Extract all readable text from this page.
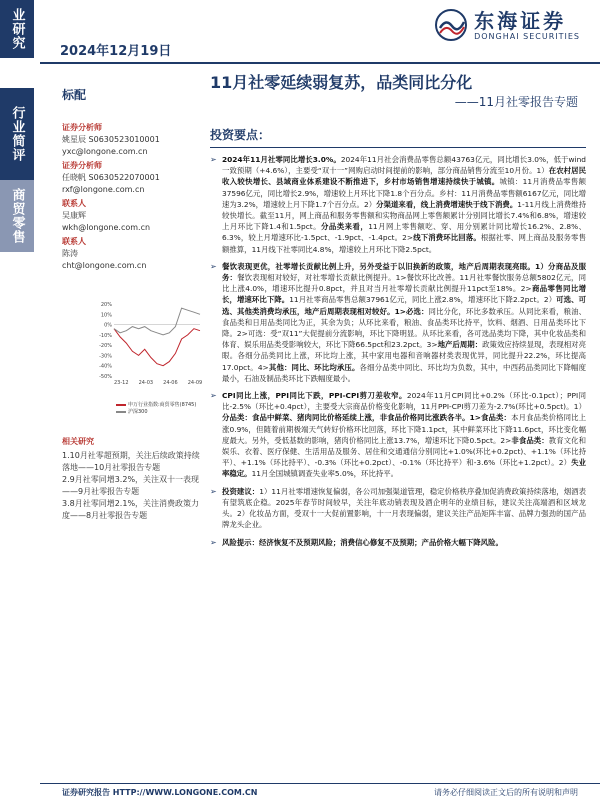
业研究
行业简评
商贸零售
2024年12月19日
东海证券
DONGHAI SECURITIES
11月社零延续弱复苏，品类同比分化
——11月社零报告专题
标配
证券分析师
姚星辰 S0630523010001
yxc@longone.com.cn
证券分析师
任晓帆 S0630522070001
rxf@longone.com.cn
联系人
吴康辉
wkh@longone.com.cn
联系人
陈涛
cht@longone.com.cn
20%
10%
0%
-10%
-20%
-30%
-40%
-50%
23-12 24-03 24-06 24-09
申万行业指数:商贸零售(8745)
沪深300
相关研究
1.10月社零超预期，关注后续政策持续落地——10月社零报告专题
2.9月社零同增3.2%，关注双十一表现——9月社零报告专题
3.8月社零同增2.1%，关注消费政策力度——8月社零报告专题
投资要点：
➢ 2024年11月社零同比增长3.0%。2024年11月社会消费品零售总额43763亿元，同比增长3.0%，低于wind一致预期（+4.6%），主要受“双十一”网购启动时间提前的影响，部分商品销售分流至10月份。1）在农村居民收入较快增长、县域商业体系建设不断推进下，乡村市场销售增速持续快于城镇。城镇：11月消费品零售额37596亿元，同比增长2.9%，增速较上月环比下降1.8个百分点。乡村：11月消费品零售额6167亿元，同比增速为3.2%，增速较上月下降1.7个百分点。2）分渠道来看，线上消费增速快于线下消费。1-11月线上消费维持较快增长。截至11月，网上商品和服务零售额和实物商品网上零售额累计分别同比增长7.4%和6.8%，增速较上月环比下降1.4和1.5pct。分品类来看，11月网上零售额吃、穿、用分别累计同比增长16.2%、2.8%、6.3%，较上月增速环比-1.5pct、-1.9pct、-1.4pct。2>线下消费环比回落。根据社零、网上商品及服务零售额推算，11月线下社零同比4.8%，增速较上月环比下降2.5pct。
➢ 餐饮表现更优，社零增长贡献比例上升，另外受益于以旧换新的政策，地产后周期表现亮眼。1）分商品及服务：餐饮表现相对较好，对社零增长贡献比例提升。1>餐饮环比改善。11月社零餐饮服务总额5802亿元，同比上涨4.0%，增速环比提升0.8pct，并且对当月社零增长贡献比例提升11pct至18%。2>商品零售同比增长，增速环比下降。11月社零商品零售总额37961亿元，同比上涨2.8%，增速环比下降2.2pct。2）可选、可选、其他类消费均承压，地产后周期表现相对较好。1>必选：同比分化，环比多数承压。从同比来看，粮油、食品类和日用品类同比为正，其余为负；从环比来看，粮油、食品类环比持平，饮料、烟酒、日用品类环比下降。2>可选：受“双11”大促提前分流影响，环比下降明显。从环比来看，各可选品类均下降，其中化妆品类和体育、娱乐用品类受影响较大，环比下降66.5pct和23.2pct。3>地产后周期：政策效应持续显现，表现相对亮眼。各细分品类同比上涨，环比均上涨，其中家用电器和音响器材类表现优异，同比提升22.2%，环比提高17.0pct。4>其他：同比、环比均承压。各细分品类中同比、环比均为负数，其中，中西药品类同比下降幅度最小，石油及制品类环比下跌幅度最小。
➢ CPI同比上涨，PPI同比下跌，PPI-CPI剪刀差收窄。2024年11月CPI同比+0.2%（环比-0.1pct）；PPI同比-2.5%（环比+0.4pct），主要受大宗商品价格变化影响，11月PPI-CPI剪刀差为-2.7%(环比+0.5pct)。1）分品类：食品中鲜菜、猪肉同比价格延续上涨，非食品价格同比涨跌各半。1>食品类：本月食品类价格同比上涨0.9%，但随着前期极端天气转好价格环比回落，环比下降1.1pct，其中鲜菜环比下降11.6pct，环比变化幅度最大。另外，受低基数的影响，猪肉价格同比上涨13.7%，增速环比下降0.5pct。2>非食品类：教育文化和娱乐、衣着、医疗保健、生活用品及服务、居住和交通通信分别同比+1.0%(环比+0.2pct)、+1.1%（环比持平）、+1.1%（环比持平）、-0.3%（环比+0.2pct）、-0.1%（环比持平）和-3.6%（环比+1.2pct）。2）失业率稳定。11月全国城镇调查失业率5.0%，环比持平。
➢ 投资建议：1）11月社零增速恢复偏弱，各公司加强渠道管理，稳定价格秩序叠加促消费政策持续落地，烟酒表有望筑底企稳。2025年春节时间较早，关注年底动销表现及酒企明年的业绩目标，建议关注高端酒和区域龙头。2）化妆品方面，受双十一大促前置影响，十一月表现偏弱，建议关注产品矩阵丰富、品牌力强劲的国产品牌龙头企业。
➢ 风险提示：经济恢复不及预期风险；消费信心修复不及预期；产品价格大幅下降风险。
证券研究报告 HTTP://WWW.LONGONE.COM.CN	请务必仔细阅读正文后的所有说明和声明
